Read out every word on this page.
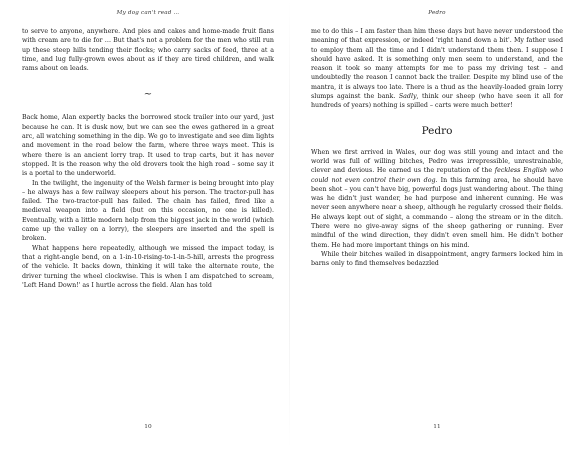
My dog can't read …

to serve to anyone, anywhere. And pies and cakes and home-made fruit flans with cream are to die for … But that's not a problem for the men who still run up these steep hills tending their flocks; who carry sacks of feed, three at a time, and lug fully-grown ewes about as if they are tired children, and walk rams about on leads.

~

Back home, Alan expertly backs the borrowed stock trailer into our yard, just because he can. It is dusk now, but we can see the ewes gathered in a great arc, all watching something in the dip. We go to investigate and see dim lights and movement in the road below the farm, where three ways meet. This is where there is an ancient lorry trap. It used to trap carts, but it has never stopped. It is the reason why the old drovers took the high road – some say it is a portal to the underworld.

In the twilight, the ingenuity of the Welsh farmer is being brought into play – he always has a few railway sleepers about his person. The tractor-pull has failed. The two-tractor-pull has failed. The chain has failed, fired like a medieval weapon into a field (but on this occasion, no one is killed). Eventually, with a little modern help from the biggest jack in the world (which came up the valley on a lorry), the sleepers are inserted and the spell is broken.

What happens here repeatedly, although we missed the impact today, is that a right-angle bend, on a 1-in-10-rising-to-1-in-5-hill, arrests the progress of the vehicle. It backs down, thinking it will take the alternate route, the driver turning the wheel clockwise. This is when I am dispatched to scream, 'Left Hand Down!' as I hurtle across the field. Alan has told

10
Pedro

me to do this – I am faster than him these days but have never understood the meaning of that expression, or indeed 'right hand down a bit'. My father used to employ them all the time and I didn't understand them then. I suppose I should have asked. It is something only men seem to understand, and the reason it took so many attempts for me to pass my driving test – and undoubtedly the reason I cannot back the trailer. Despite my blind use of the mantra, it is always too late. There is a thud as the heavily-loaded grain lorry slumps against the bank. Sadly, think our sheep (who have seen it all for hundreds of years) nothing is spilled – carts were much better!

Pedro

When we first arrived in Wales, our dog was still young and intact and the world was full of willing bitches, Pedro was irrepressible, unrestrainable, clever and devious. He earned us the reputation of the feckless English who could not even control their own dog. In this farming area, he should have been shot – you can't have big, powerful dogs just wandering about. The thing was he didn't just wander, he had purpose and inherent cunning. He was never seen anywhere near a sheep, although he regularly crossed their fields. He always kept out of sight, a commando – along the stream or in the ditch. There were no give-away signs of the sheep gathering or running. Ever mindful of the wind direction, they didn't even smell him. He didn't bother them. He had more important things on his mind.

While their bitches wailed in disappointment, angry farmers locked him in barns only to find themselves bedazzled

11
